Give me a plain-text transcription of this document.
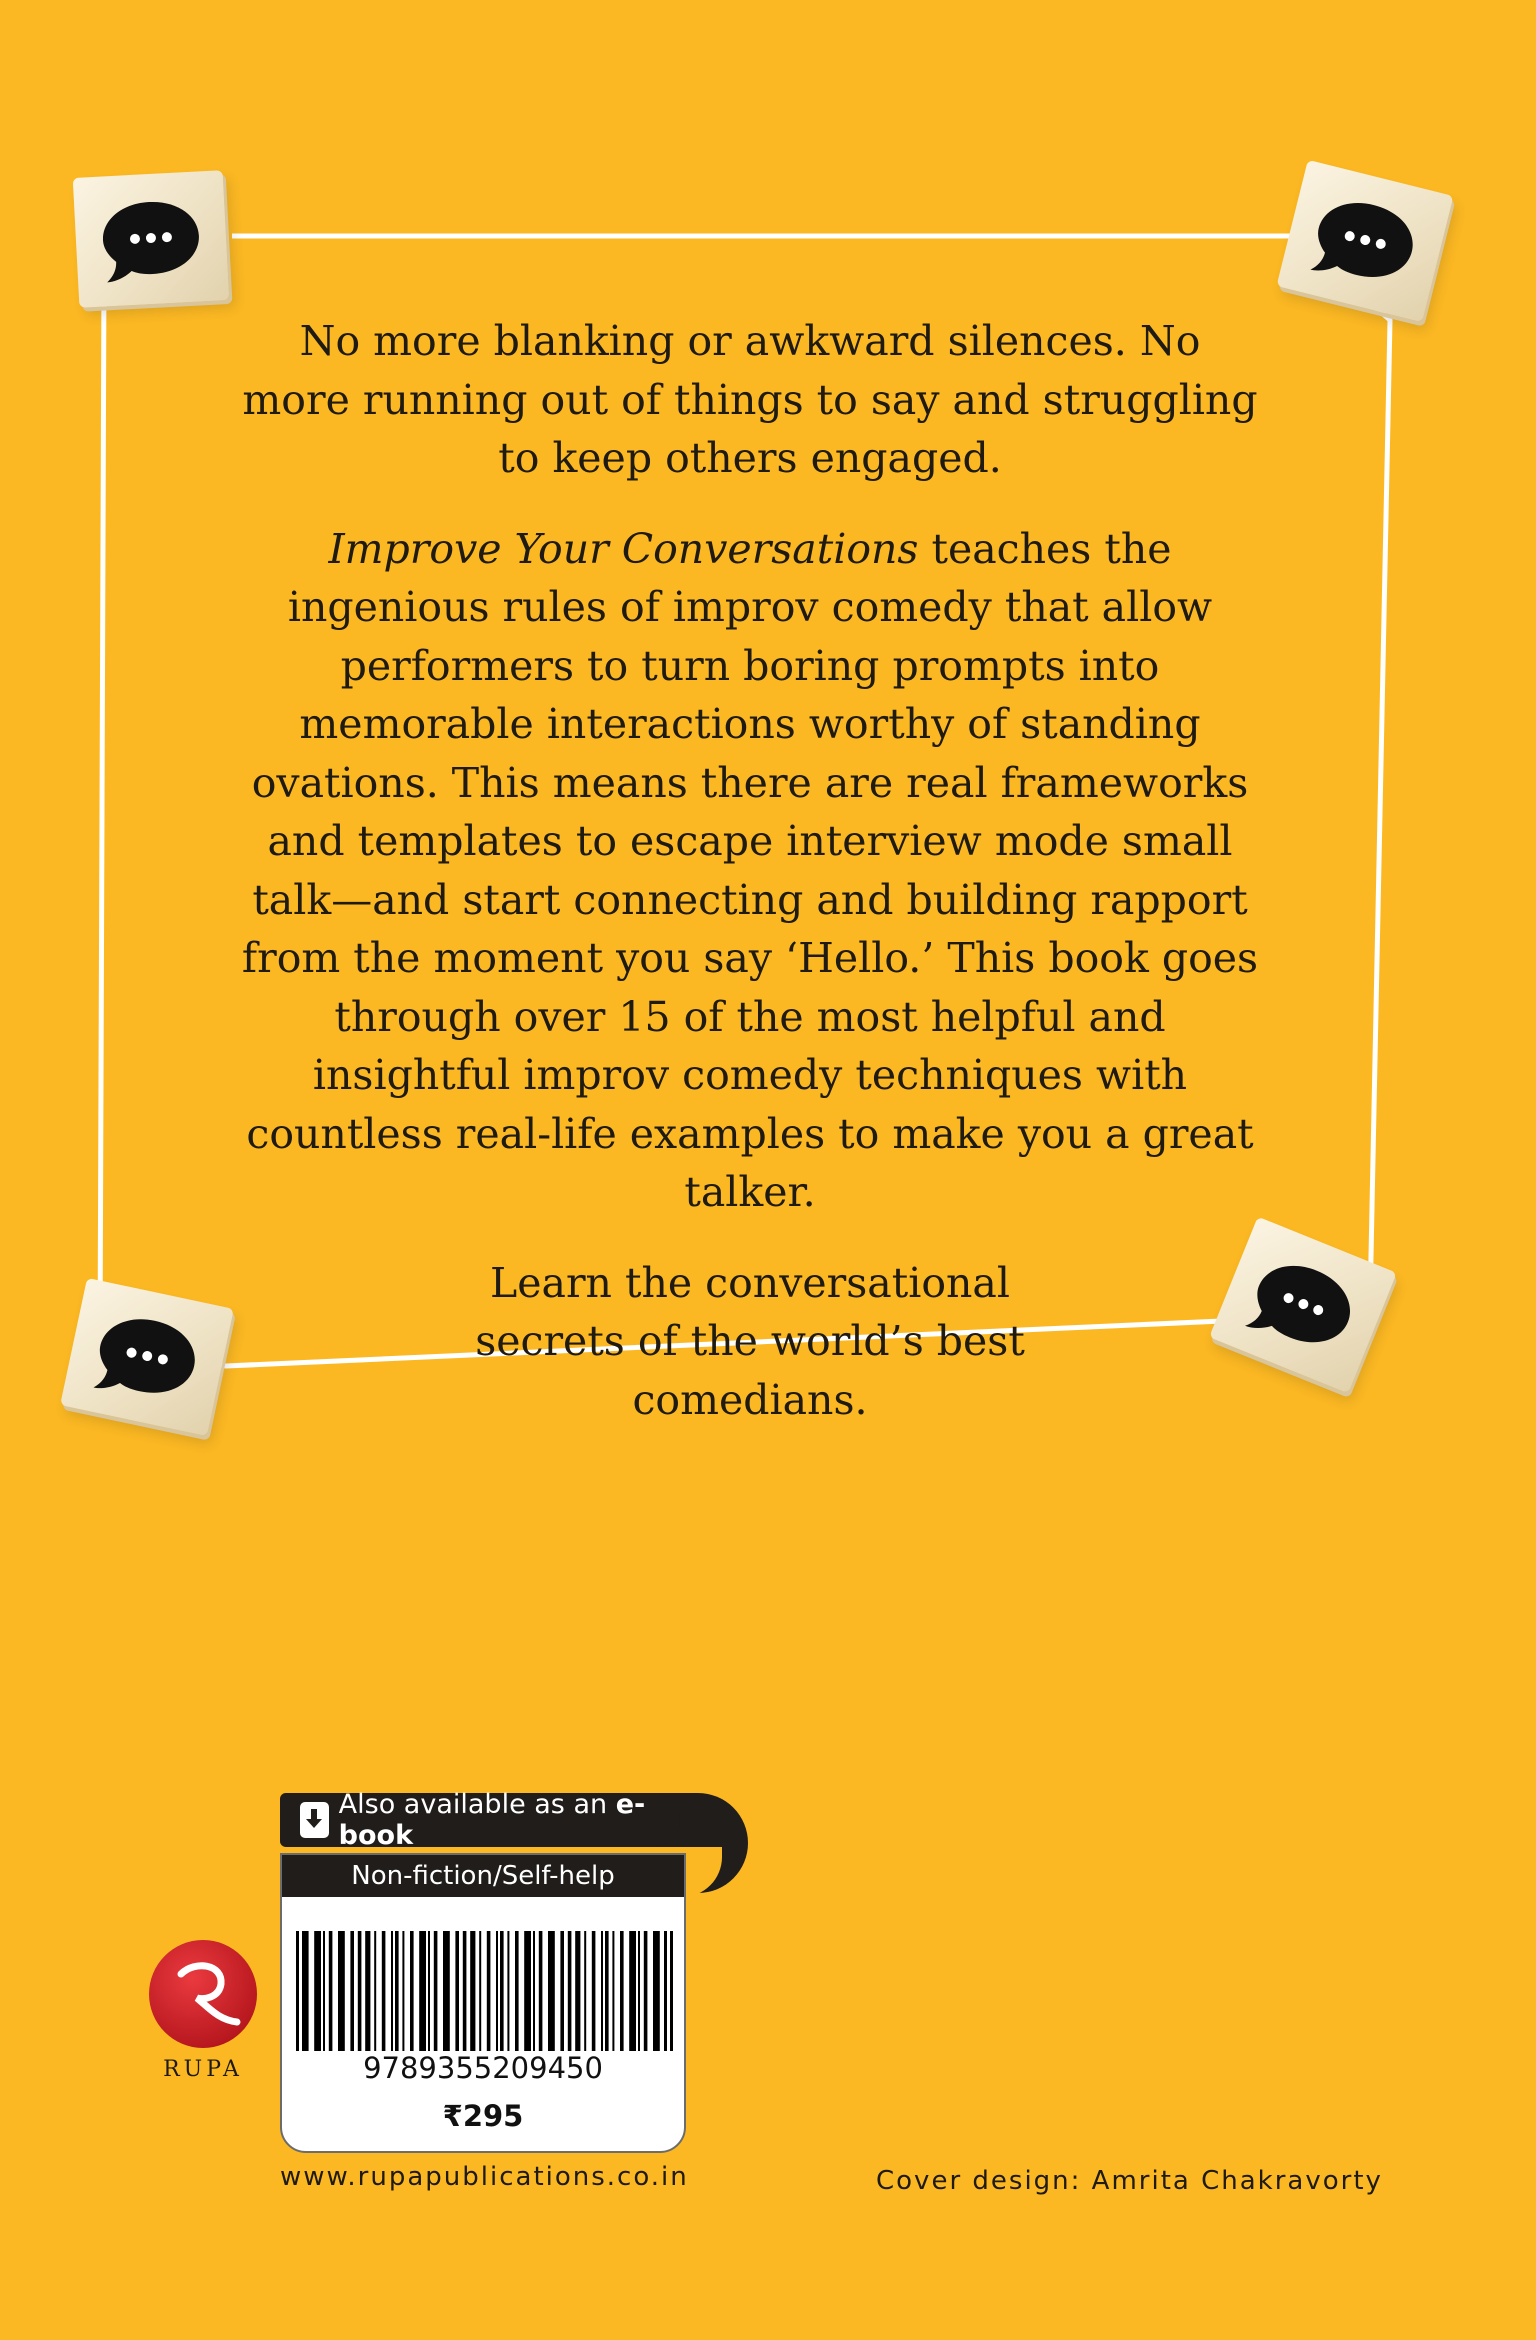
No more blanking or awkward silences. No more running out of things to say and struggling to keep others engaged.

Improve Your Conversations teaches the ingenious rules of improv comedy that allow performers to turn boring prompts into memorable interactions worthy of standing ovations. This means there are real frameworks and templates to escape interview mode small talk—and start connecting and building rapport from the moment you say ‘Hello.’ This book goes through over 15 of the most helpful and insightful improv comedy techniques with countless real-life examples to make you a great talker.

Learn the conversational secrets of the world’s best comedians.

Also available as an e-book
Non-fiction/Self-help
9789355209450
₹295
RUPA
www.rupapublications.co.in	Cover design: Amrita Chakravorty
